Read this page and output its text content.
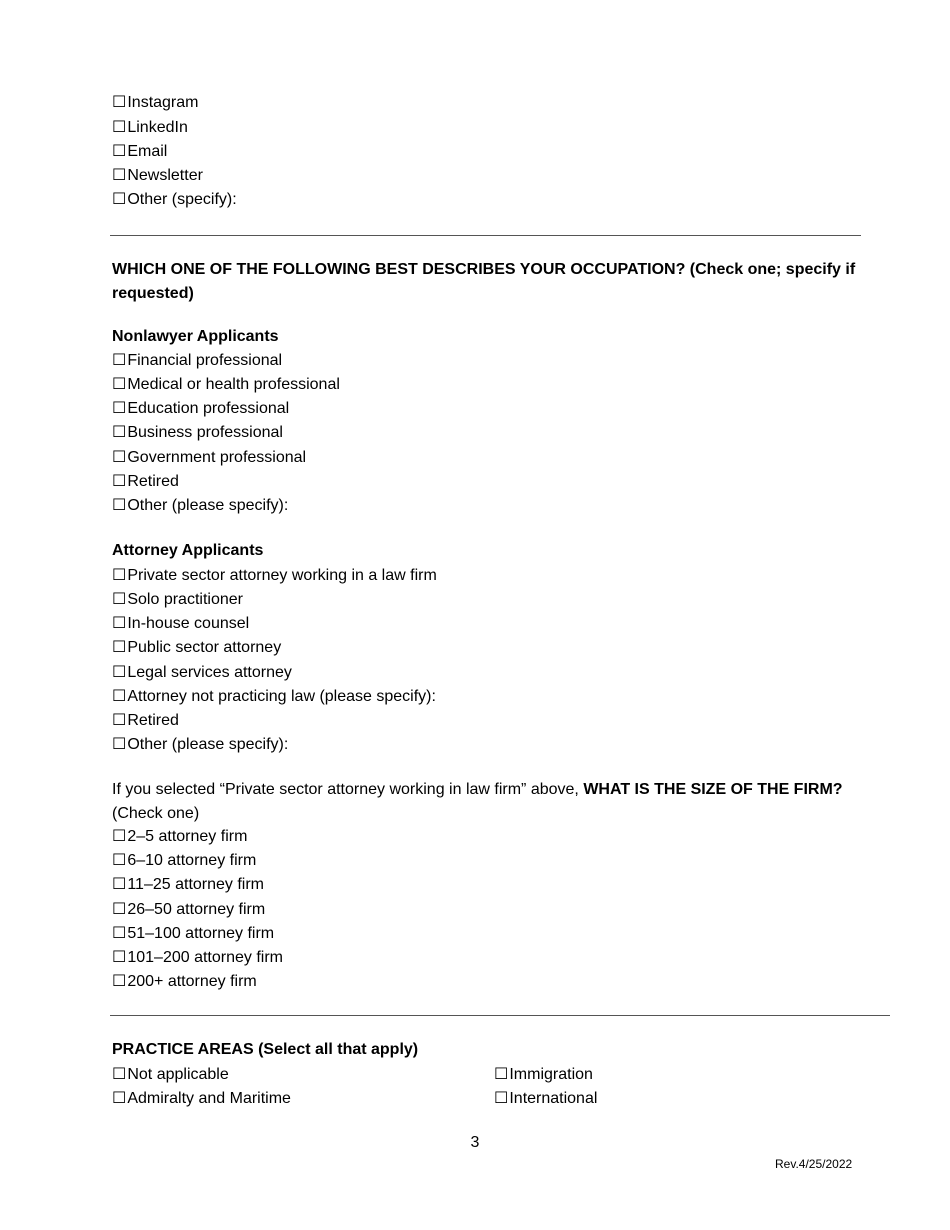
☐Instagram
☐LinkedIn
☐Email
☐Newsletter
☐Other (specify):
WHICH ONE OF THE FOLLOWING BEST DESCRIBES YOUR OCCUPATION? (Check one; specify if requested)
Nonlawyer Applicants
☐Financial professional
☐Medical or health professional
☐Education professional
☐Business professional
☐Government professional
☐Retired
☐Other (please specify):
Attorney Applicants
☐Private sector attorney working in a law firm
☐Solo practitioner
☐In-house counsel
☐Public sector attorney
☐Legal services attorney
☐Attorney not practicing law (please specify):
☐Retired
☐Other (please specify):
If you selected “Private sector attorney working in law firm” above, WHAT IS THE SIZE OF THE FIRM?
(Check one)
☐2–5 attorney firm
☐6–10 attorney firm
☐11–25 attorney firm
☐26–50 attorney firm
☐51–100 attorney firm
☐101–200 attorney firm
☐200+ attorney firm
PRACTICE AREAS (Select all that apply)
☐Not applicable
☐Admiralty and Maritime
☐Immigration
☐International
3
Rev.4/25/2022
